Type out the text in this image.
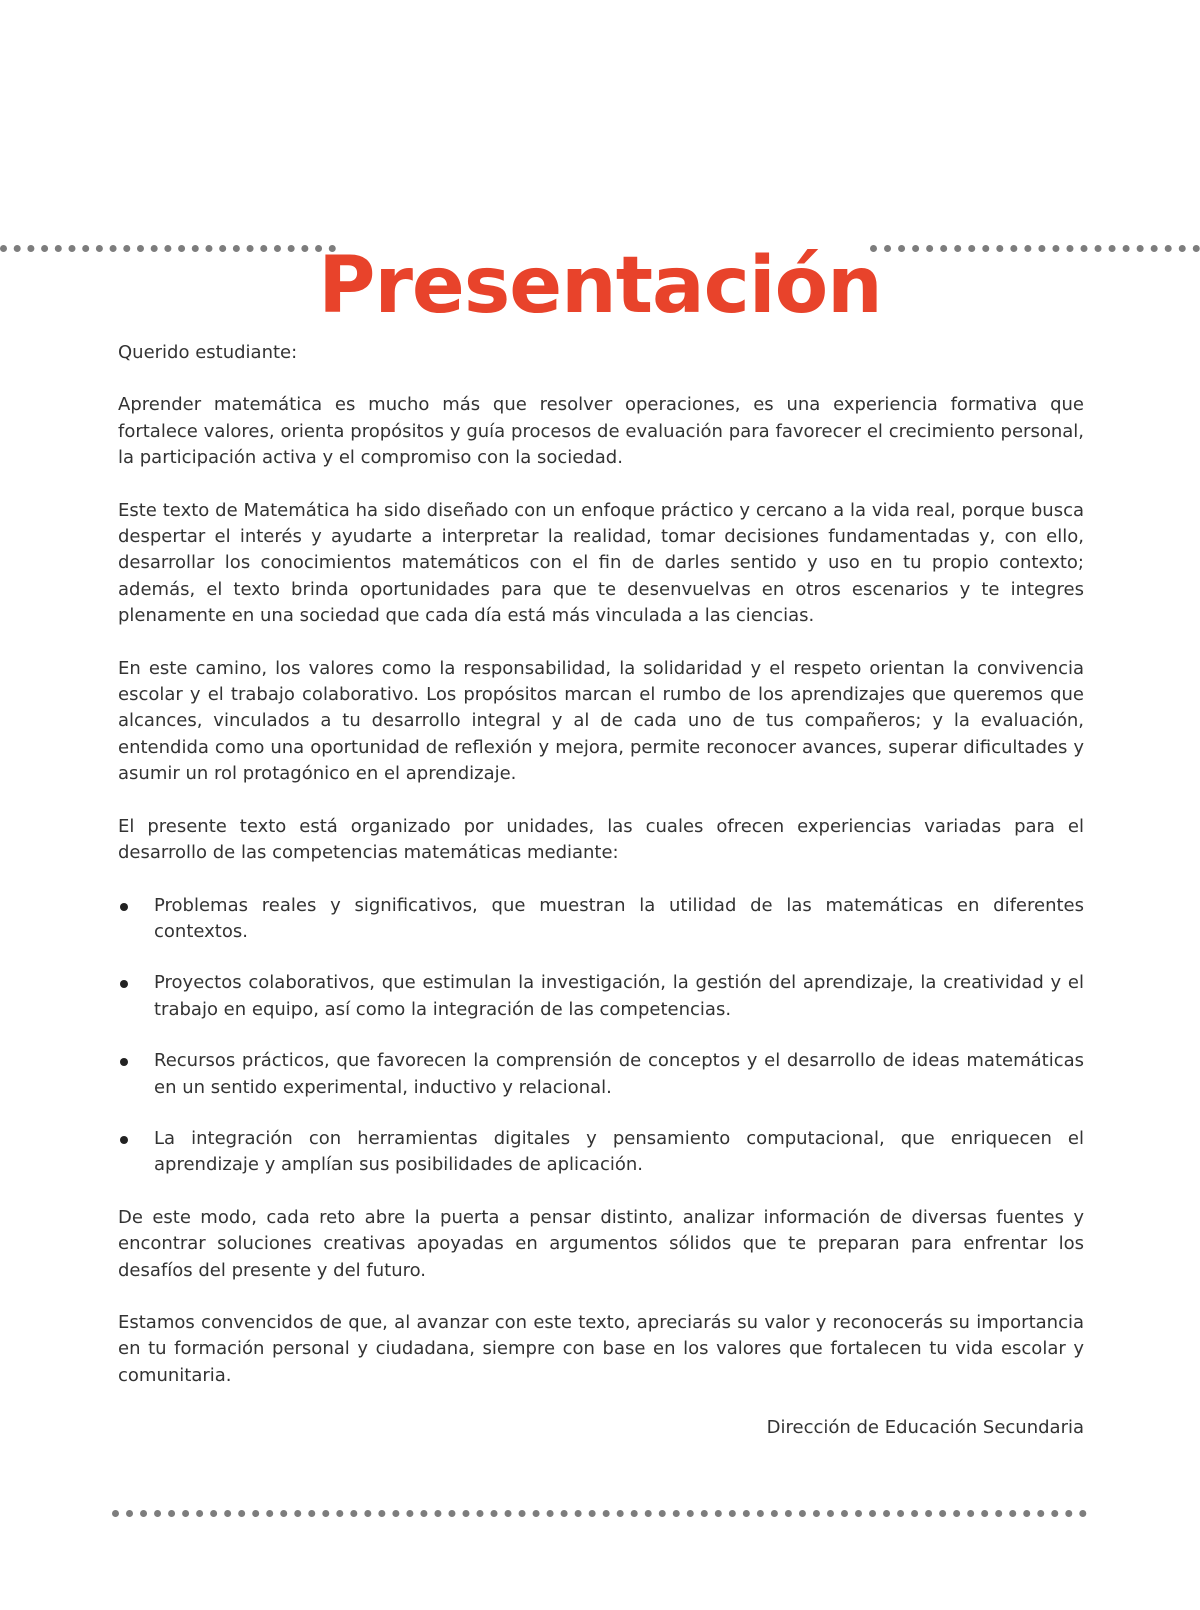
Presentación

Querido estudiante:

Aprender matemática es mucho más que resolver operaciones, es una experiencia formativa que fortalece valores, orienta propósitos y guía procesos de evaluación para favorecer el crecimiento personal, la participación activa y el compromiso con la sociedad.

Este texto de Matemática ha sido diseñado con un enfoque práctico y cercano a la vida real, porque busca despertar el interés y ayudarte a interpretar la realidad, tomar decisiones fundamentadas y, con ello, desarrollar los conocimientos matemáticos con el fin de darles sentido y uso en tu propio contexto; además, el texto brinda oportunidades para que te desenvuelvas en otros escenarios y te integres plenamente en una sociedad que cada día está más vinculada a las ciencias.

En este camino, los valores como la responsabilidad, la solidaridad y el respeto orientan la convivencia escolar y el trabajo colaborativo. Los propósitos marcan el rumbo de los aprendizajes que queremos que alcances, vinculados a tu desarrollo integral y al de cada uno de tus compañeros; y la evaluación, entendida como una oportunidad de reflexión y mejora, permite reconocer avances, superar dificultades y asumir un rol protagónico en el aprendizaje.

El presente texto está organizado por unidades, las cuales ofrecen experiencias variadas para el desarrollo de las competencias matemáticas mediante:

Problemas reales y significativos, que muestran la utilidad de las matemáticas en diferentes contextos.
Proyectos colaborativos, que estimulan la investigación, la gestión del aprendizaje, la creatividad y el trabajo en equipo, así como la integración de las competencias.
Recursos prácticos, que favorecen la comprensión de conceptos y el desarrollo de ideas matemáticas en un sentido experimental, inductivo y relacional.
La integración con herramientas digitales y pensamiento computacional, que enriquecen el aprendizaje y amplían sus posibilidades de aplicación.

De este modo, cada reto abre la puerta a pensar distinto, analizar información de diversas fuentes y encontrar soluciones creativas apoyadas en argumentos sólidos que te preparan para enfrentar los desafíos del presente y del futuro.

Estamos convencidos de que, al avanzar con este texto, apreciarás su valor y reconocerás su importancia en tu formación personal y ciudadana, siempre con base en los valores que fortalecen tu vida escolar y comunitaria.

Dirección de Educación Secundaria
